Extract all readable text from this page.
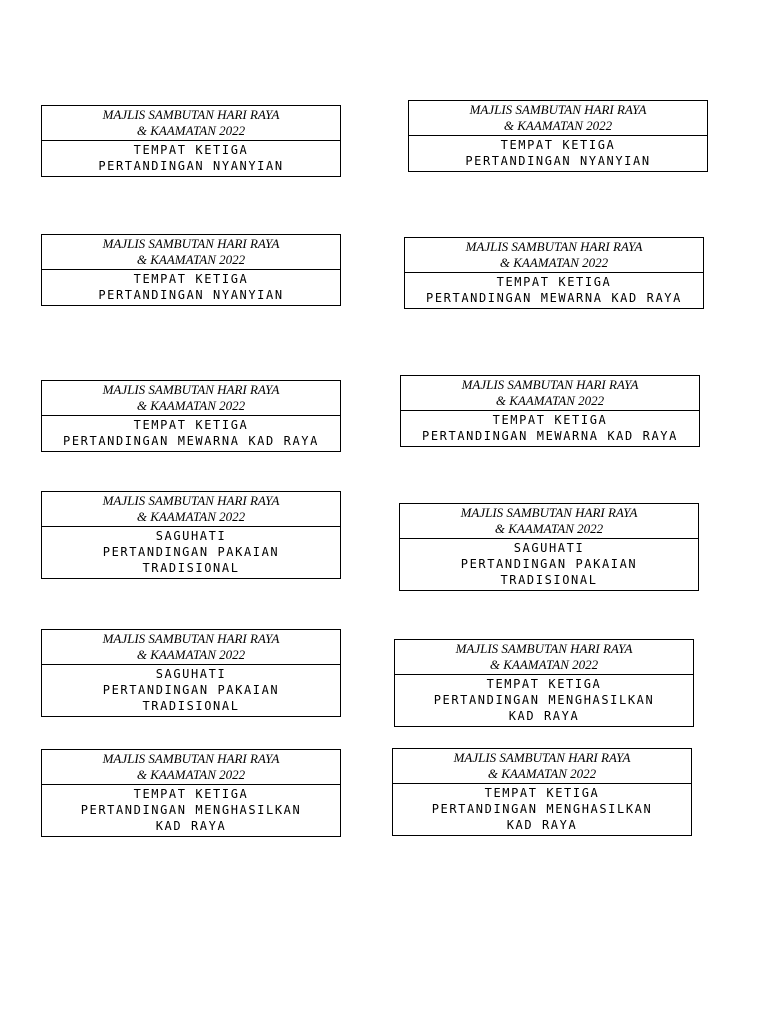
MAJLIS SAMBUTAN HARI RAYA
& KAAMATAN 2022
TEMPAT KETIGA
PERTANDINGAN NYANYIAN
MAJLIS SAMBUTAN HARI RAYA
& KAAMATAN 2022
TEMPAT KETIGA
PERTANDINGAN NYANYIAN
MAJLIS SAMBUTAN HARI RAYA
& KAAMATAN 2022
TEMPAT KETIGA
PERTANDINGAN MEWARNA KAD RAYA
MAJLIS SAMBUTAN HARI RAYA
& KAAMATAN 2022
SAGUHATI
PERTANDINGAN PAKAIAN
TRADISIONAL
MAJLIS SAMBUTAN HARI RAYA
& KAAMATAN 2022
SAGUHATI
PERTANDINGAN PAKAIAN
TRADISIONAL
MAJLIS SAMBUTAN HARI RAYA
& KAAMATAN 2022
TEMPAT KETIGA
PERTANDINGAN MENGHASILKAN
KAD RAYA
MAJLIS SAMBUTAN HARI RAYA
& KAAMATAN 2022
TEMPAT KETIGA
PERTANDINGAN NYANYIAN
MAJLIS SAMBUTAN HARI RAYA
& KAAMATAN 2022
TEMPAT KETIGA
PERTANDINGAN MEWARNA KAD RAYA
MAJLIS SAMBUTAN HARI RAYA
& KAAMATAN 2022
TEMPAT KETIGA
PERTANDINGAN MEWARNA KAD RAYA
MAJLIS SAMBUTAN HARI RAYA
& KAAMATAN 2022
SAGUHATI
PERTANDINGAN PAKAIAN
TRADISIONAL
MAJLIS SAMBUTAN HARI RAYA
& KAAMATAN 2022
TEMPAT KETIGA
PERTANDINGAN MENGHASILKAN
KAD RAYA
MAJLIS SAMBUTAN HARI RAYA
& KAAMATAN 2022
TEMPAT KETIGA
PERTANDINGAN MENGHASILKAN
KAD RAYA
